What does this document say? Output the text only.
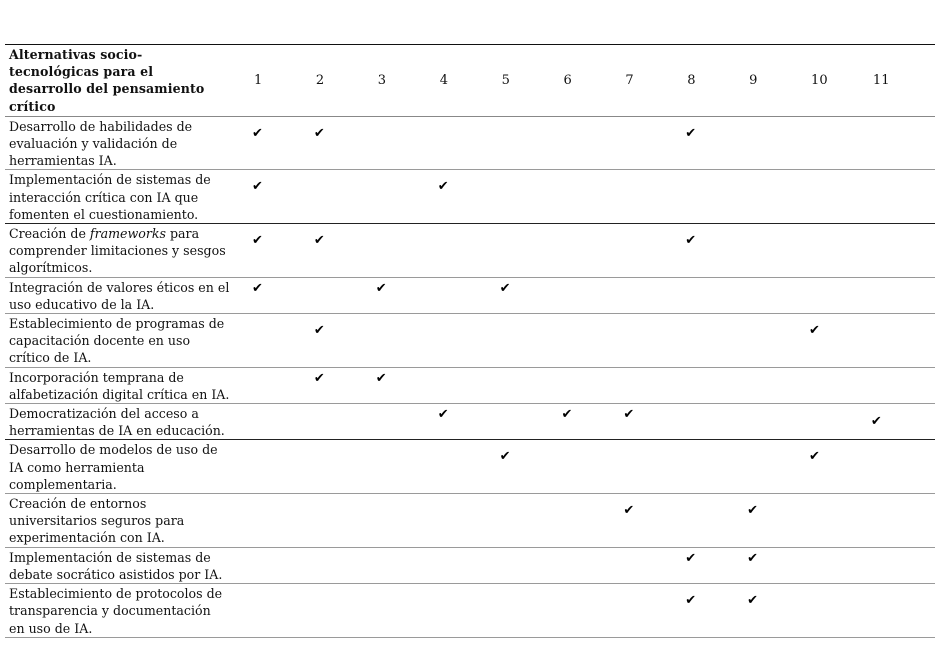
Alternativas socio-tecnológicas para el desarrollo del pensamiento crítico	1	2	3	4	5	6	7	8	9	10	11
Desarrollo de habilidades de evaluación y validación de herramientas IA.	✔	✔						✔			
Implementación de sistemas de interacción crítica con IA que fomenten el cuestionamiento.	✔			✔							
Creación de frameworks para comprender limitaciones y sesgos algorítmicos.	✔	✔						✔			
Integración de valores éticos en el uso educativo de la IA.	✔		✔		✔						
Establecimiento de programas de capacitación docente en uso crítico de IA.		✔								✔	
Incorporación temprana de alfabetización digital crítica en IA.		✔	✔								
Democratización del acceso a herramientas de IA en educación.				✔		✔	✔				✔
Desarrollo de modelos de uso de IA como herramienta complementaria.					✔					✔	
Creación de entornos universitarios seguros para experimentación con IA.							✔		✔		
Implementación de sistemas de debate socrático asistidos por IA.								✔	✔		
Establecimiento de protocolos de transparencia y documentación en uso de IA.								✔	✔		
